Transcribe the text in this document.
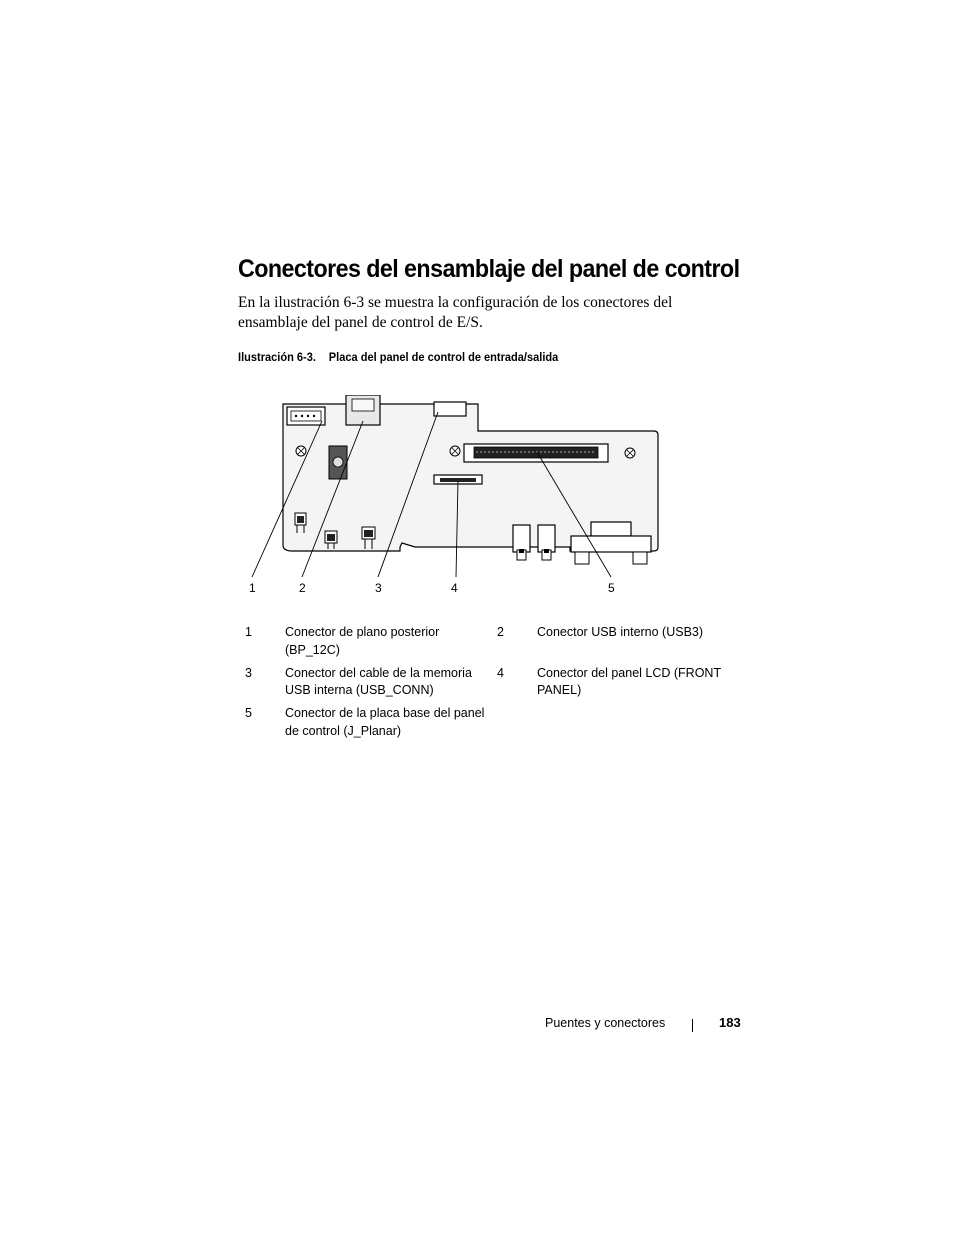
Conectores del ensamblaje del panel de control

En la ilustración 6-3 se muestra la configuración de los conectores del ensamblaje del panel de control de E/S.

Ilustración 6-3. Placa del panel de control de entrada/salida
1	2	3	4	5
1	Conector de plano posterior (BP_12C)
2	Conector USB interno (USB3)
3	Conector del cable de la memoria USB interna (USB_CONN)
4	Conector del panel LCD (FRONT PANEL)
5	Conector de la placa base del panel de control (J_Planar)
Puentes y conectores	183
